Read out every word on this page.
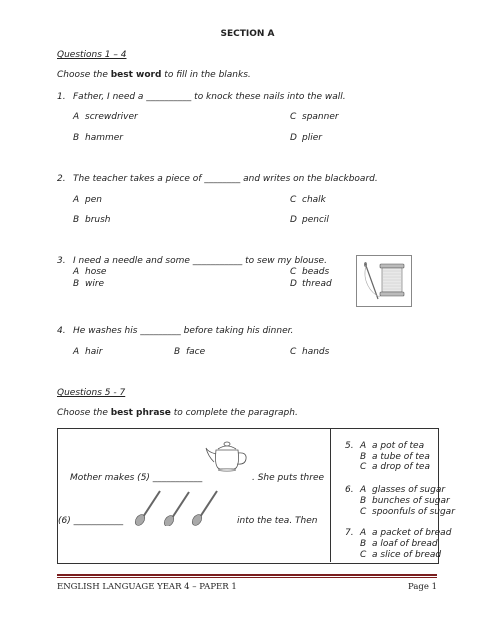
SECTION A
Questions 1 – 4
Choose the best word to fill in the blanks.
1. Father, I need a __________ to knock these nails into the wall.
A screwdriver	C spanner
B hammer	D plier
2. The teacher takes a piece of ________ and writes on the blackboard.
A pen	C chalk
B brush	D pencil
3. I need a needle and some ___________ to sew my blouse.
A hose	C beads
B wire	D thread
4. He washes his _________ before taking his dinner.
A hair	B face	C hands
Questions 5 - 7
Choose the best phrase to complete the paragraph.
Mother makes (5) ___________	. She puts three
(6) ___________	into the tea. Then
5. A a pot of tea
B a tube of tea
C a drop of tea
6. A glasses of sugar
B bunches of sugar
C spoonfuls of sugar
7. A a packet of bread
B a loaf of bread
C a slice of bread
ENGLISH LANGUAGE YEAR 4 – PAPER 1	Page 1
